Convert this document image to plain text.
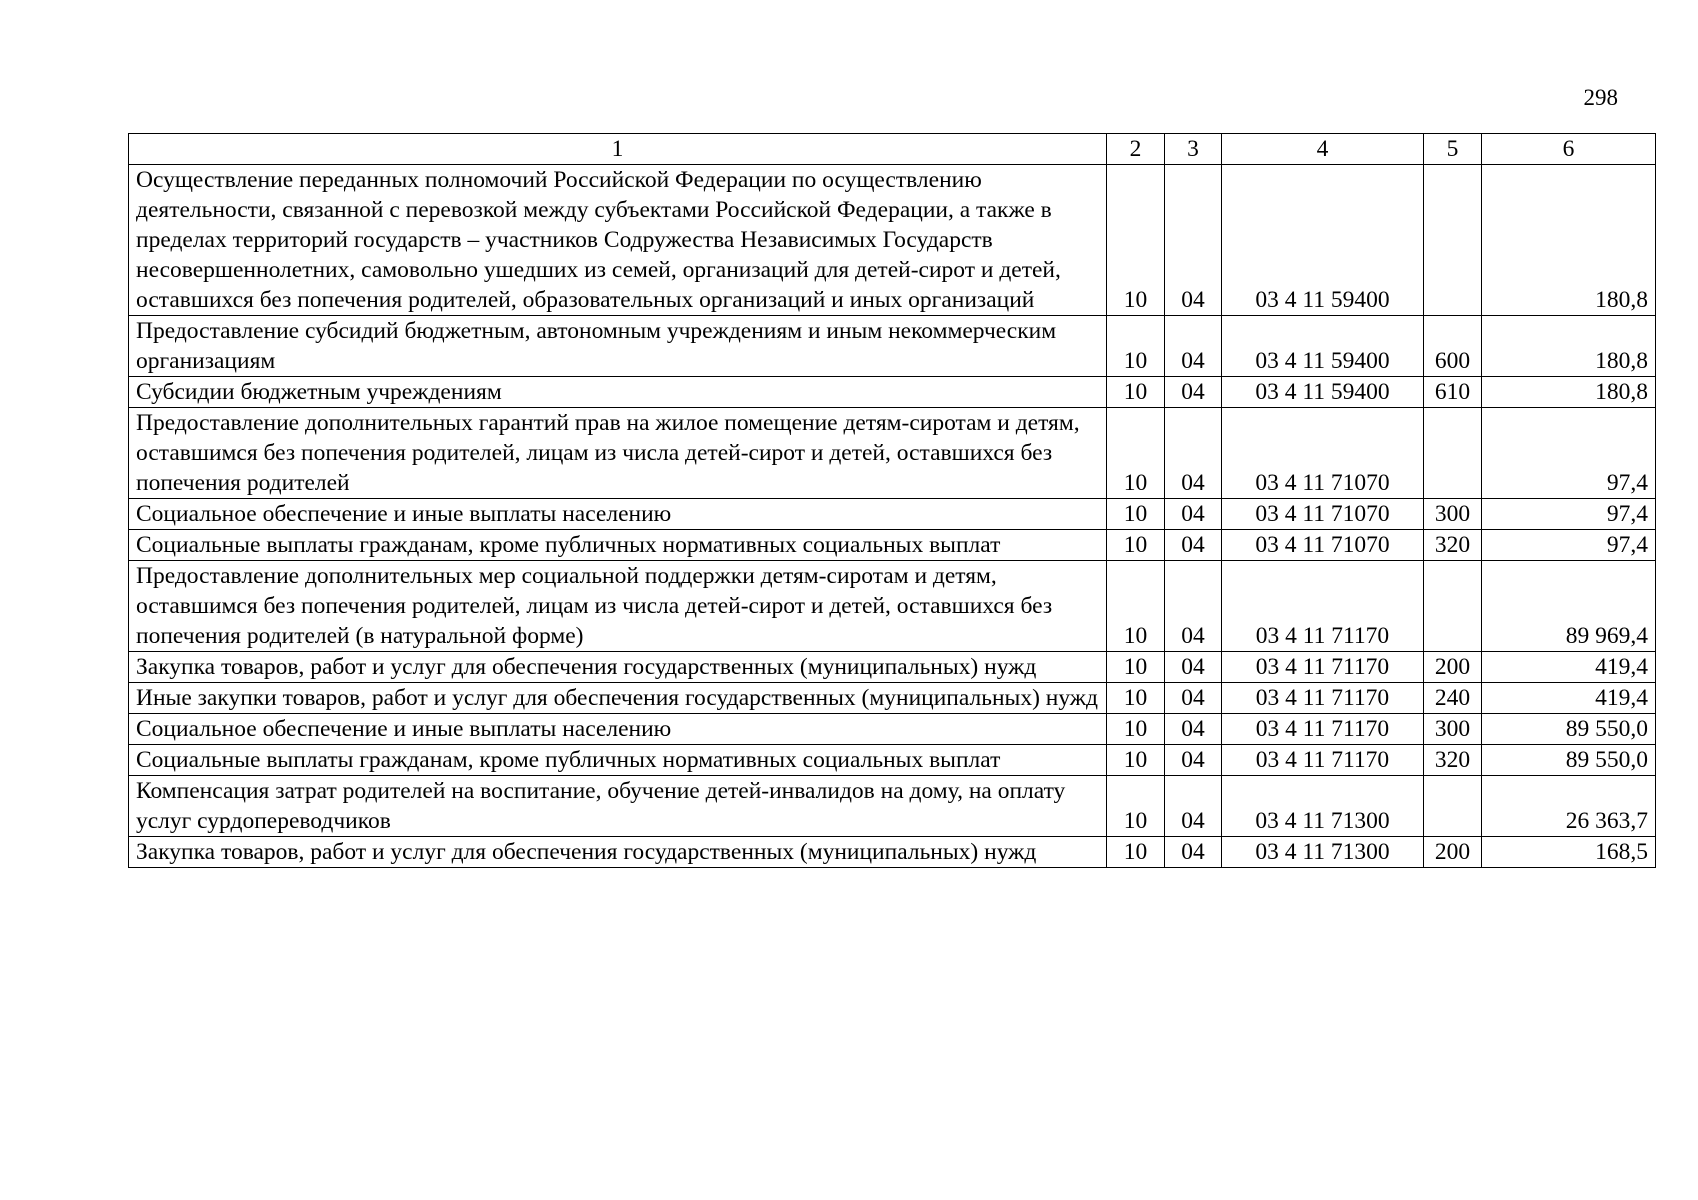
298
1	2	3	4	5	6
Осуществление переданных полномочий Российской Федерации по осуществлению деятельности, связанной с перевозкой между субъектами Российской Федерации, а также в пределах территорий государств – участников Содружества Независимых Государств несовершеннолетних, самовольно ушедших из семей, организаций для детей-сирот и детей, оставшихся без попечения родителей, образовательных организаций и иных организаций	10	04	03 4 11 59400		180,8
Предоставление субсидий бюджетным, автономным учреждениям и иным некоммерческим организациям	10	04	03 4 11 59400	600	180,8
Субсидии бюджетным учреждениям	10	04	03 4 11 59400	610	180,8
Предоставление дополнительных гарантий прав на жилое помещение детям-сиротам и детям, оставшимся без попечения родителей, лицам из числа детей-сирот и детей, оставшихся без попечения родителей	10	04	03 4 11 71070		97,4
Социальное обеспечение и иные выплаты населению	10	04	03 4 11 71070	300	97,4
Социальные выплаты гражданам, кроме публичных нормативных социальных выплат	10	04	03 4 11 71070	320	97,4
Предоставление дополнительных мер социальной поддержки детям-сиротам и детям, оставшимся без попечения родителей, лицам из числа детей-сирот и детей, оставшихся без попечения родителей (в натуральной форме)	10	04	03 4 11 71170		89 969,4
Закупка товаров, работ и услуг для обеспечения государственных (муниципальных) нужд	10	04	03 4 11 71170	200	419,4
Иные закупки товаров, работ и услуг для обеспечения государственных (муниципальных) нужд	10	04	03 4 11 71170	240	419,4
Социальное обеспечение и иные выплаты населению	10	04	03 4 11 71170	300	89 550,0
Социальные выплаты гражданам, кроме публичных нормативных социальных выплат	10	04	03 4 11 71170	320	89 550,0
Компенсация затрат родителей на воспитание, обучение детей-инвалидов на дому, на оплату услуг сурдопереводчиков	10	04	03 4 11 71300		26 363,7
Закупка товаров, работ и услуг для обеспечения государственных (муниципальных) нужд	10	04	03 4 11 71300	200	168,5
